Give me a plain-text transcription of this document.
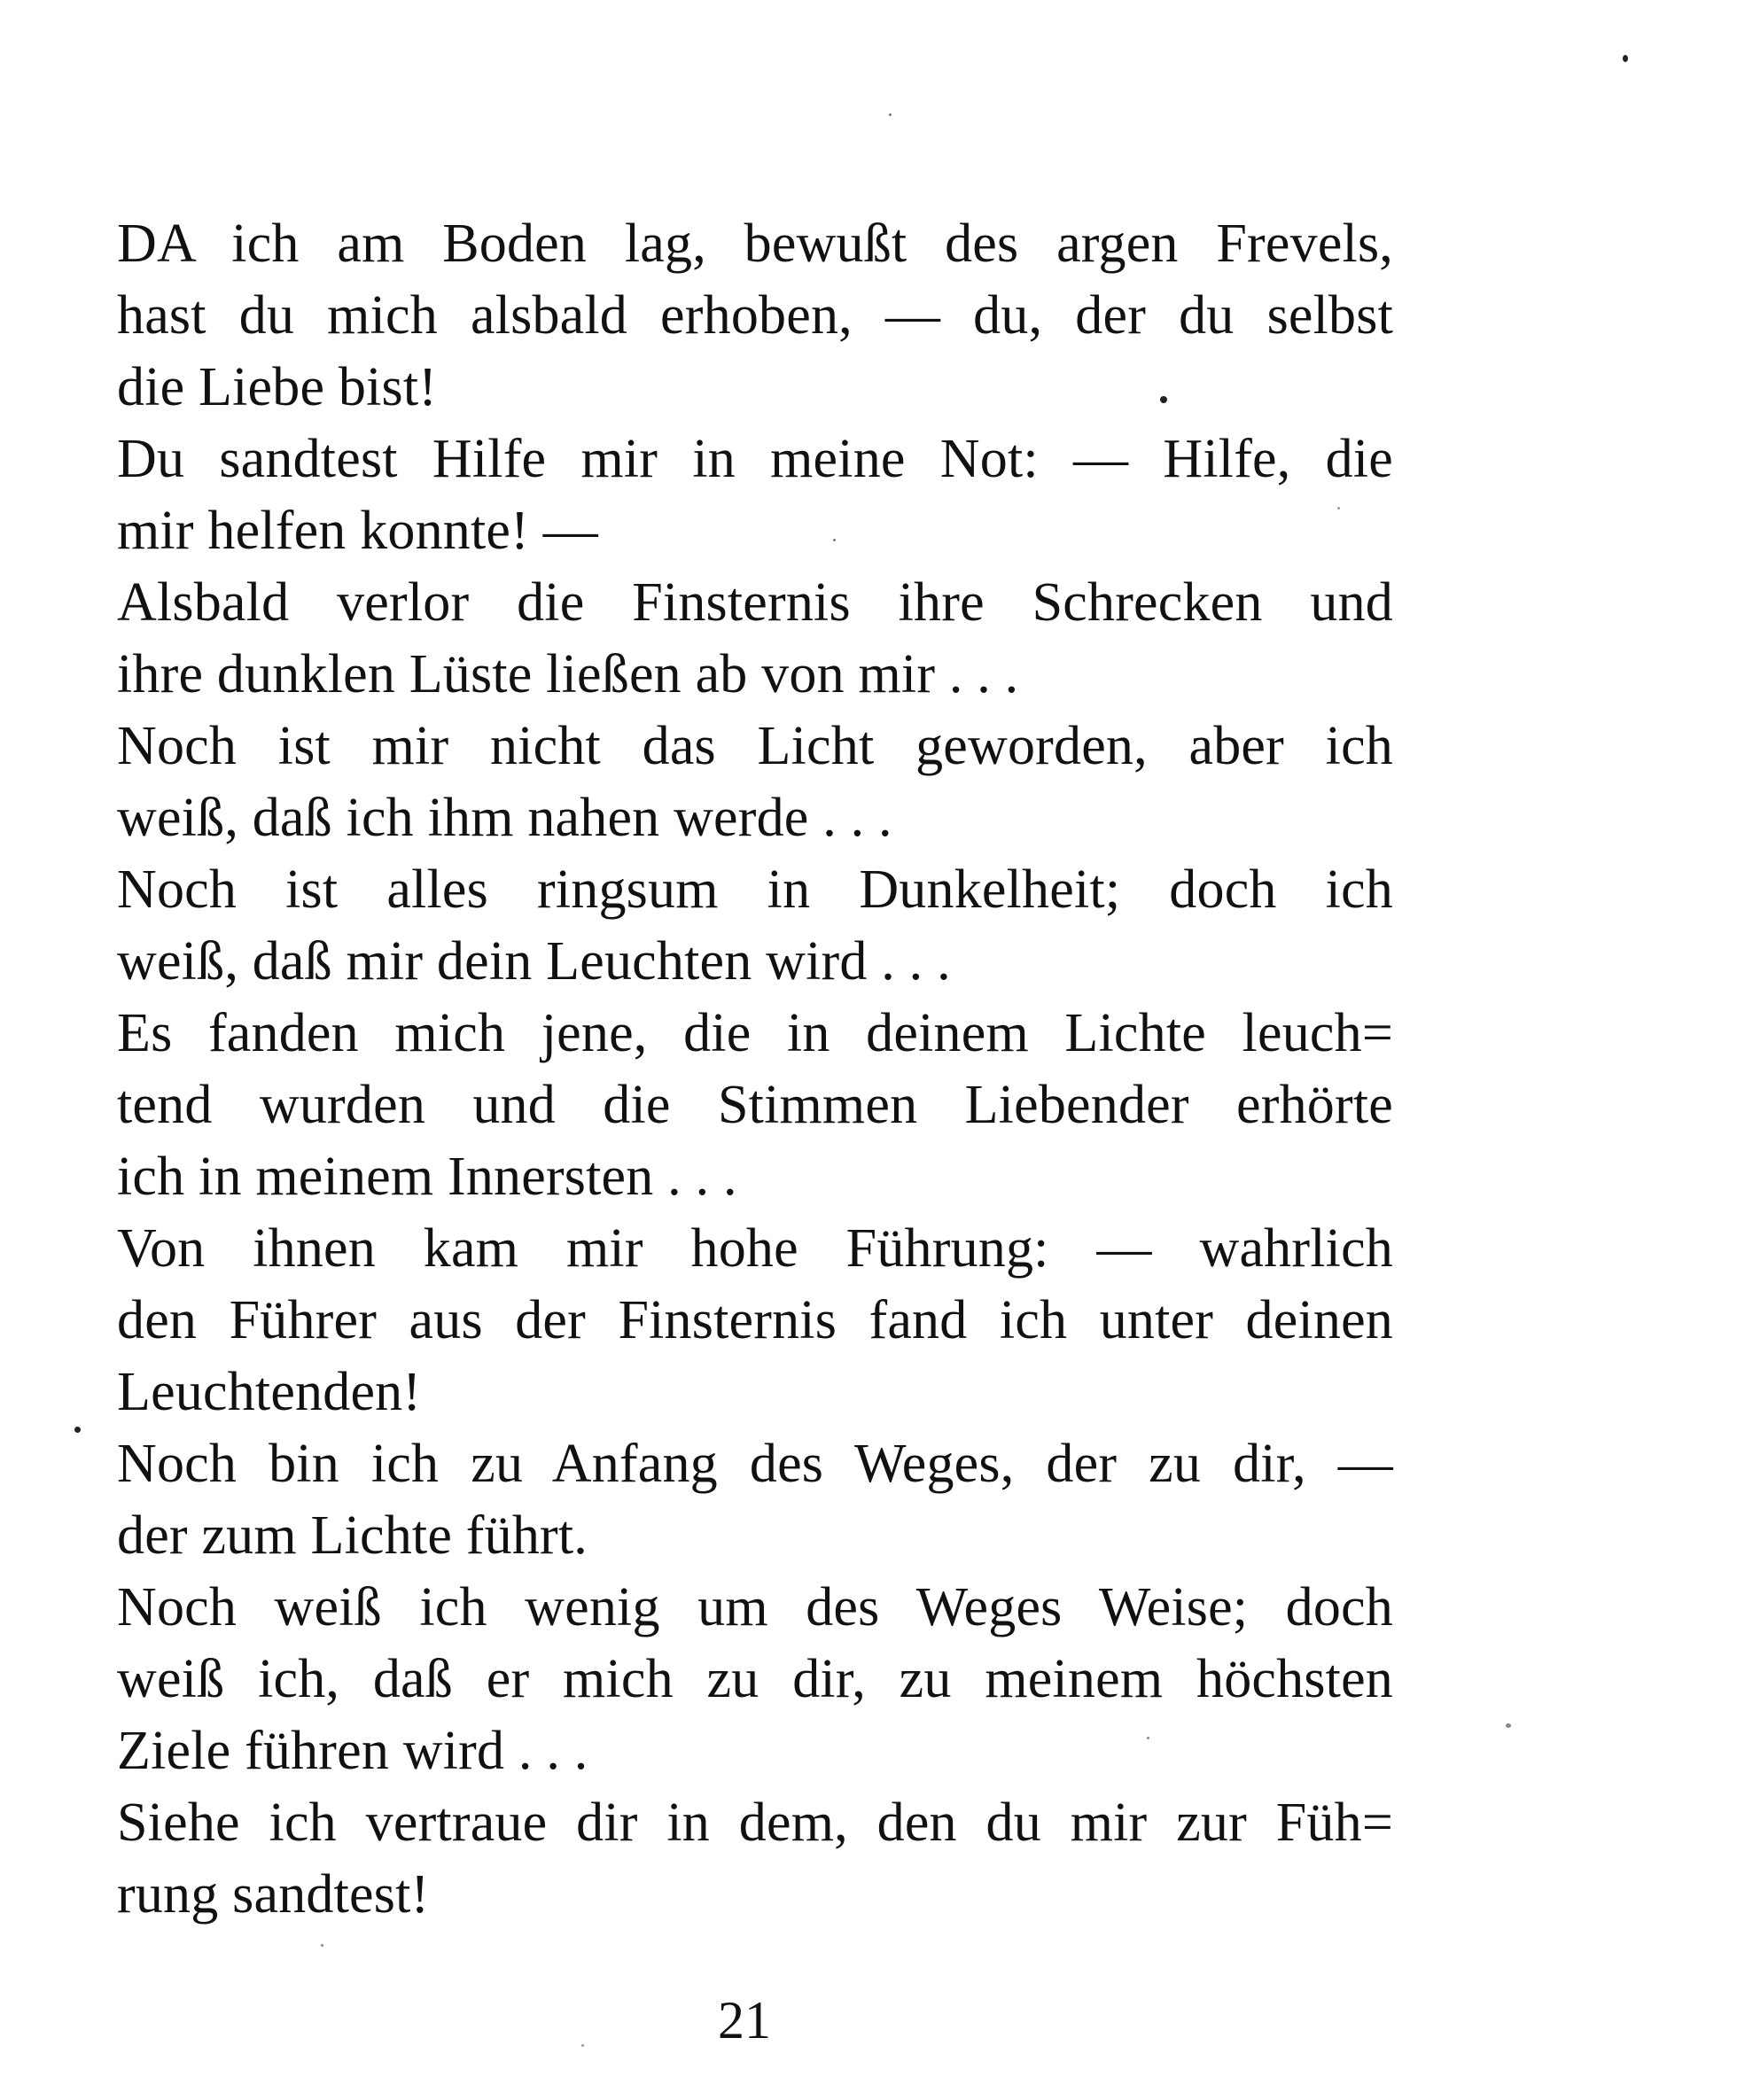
DA ich am Boden lag, bewußt des argen Frevels,
hast du mich alsbald erhoben, — du, der du selbst
die Liebe bist!
Du sandtest Hilfe mir in meine Not: — Hilfe, die
mir helfen konnte! —
Alsbald verlor die Finsternis ihre Schrecken und
ihre dunklen Lüste ließen ab von mir . . .
Noch ist mir nicht das Licht geworden, aber ich
weiß, daß ich ihm nahen werde . . .
Noch ist alles ringsum in Dunkelheit; doch ich
weiß, daß mir dein Leuchten wird . . .
Es fanden mich jene, die in deinem Lichte leuch=
tend wurden und die Stimmen Liebender erhörte
ich in meinem Innersten . . .
Von ihnen kam mir hohe Führung: — wahrlich
den Führer aus der Finsternis fand ich unter deinen
Leuchtenden!
Noch bin ich zu Anfang des Weges, der zu dir, —
der zum Lichte führt.
Noch weiß ich wenig um des Weges Weise; doch
weiß ich, daß er mich zu dir, zu meinem höchsten
Ziele führen wird . . .
Siehe ich vertraue dir in dem, den du mir zur Füh=
rung sandtest!
21
